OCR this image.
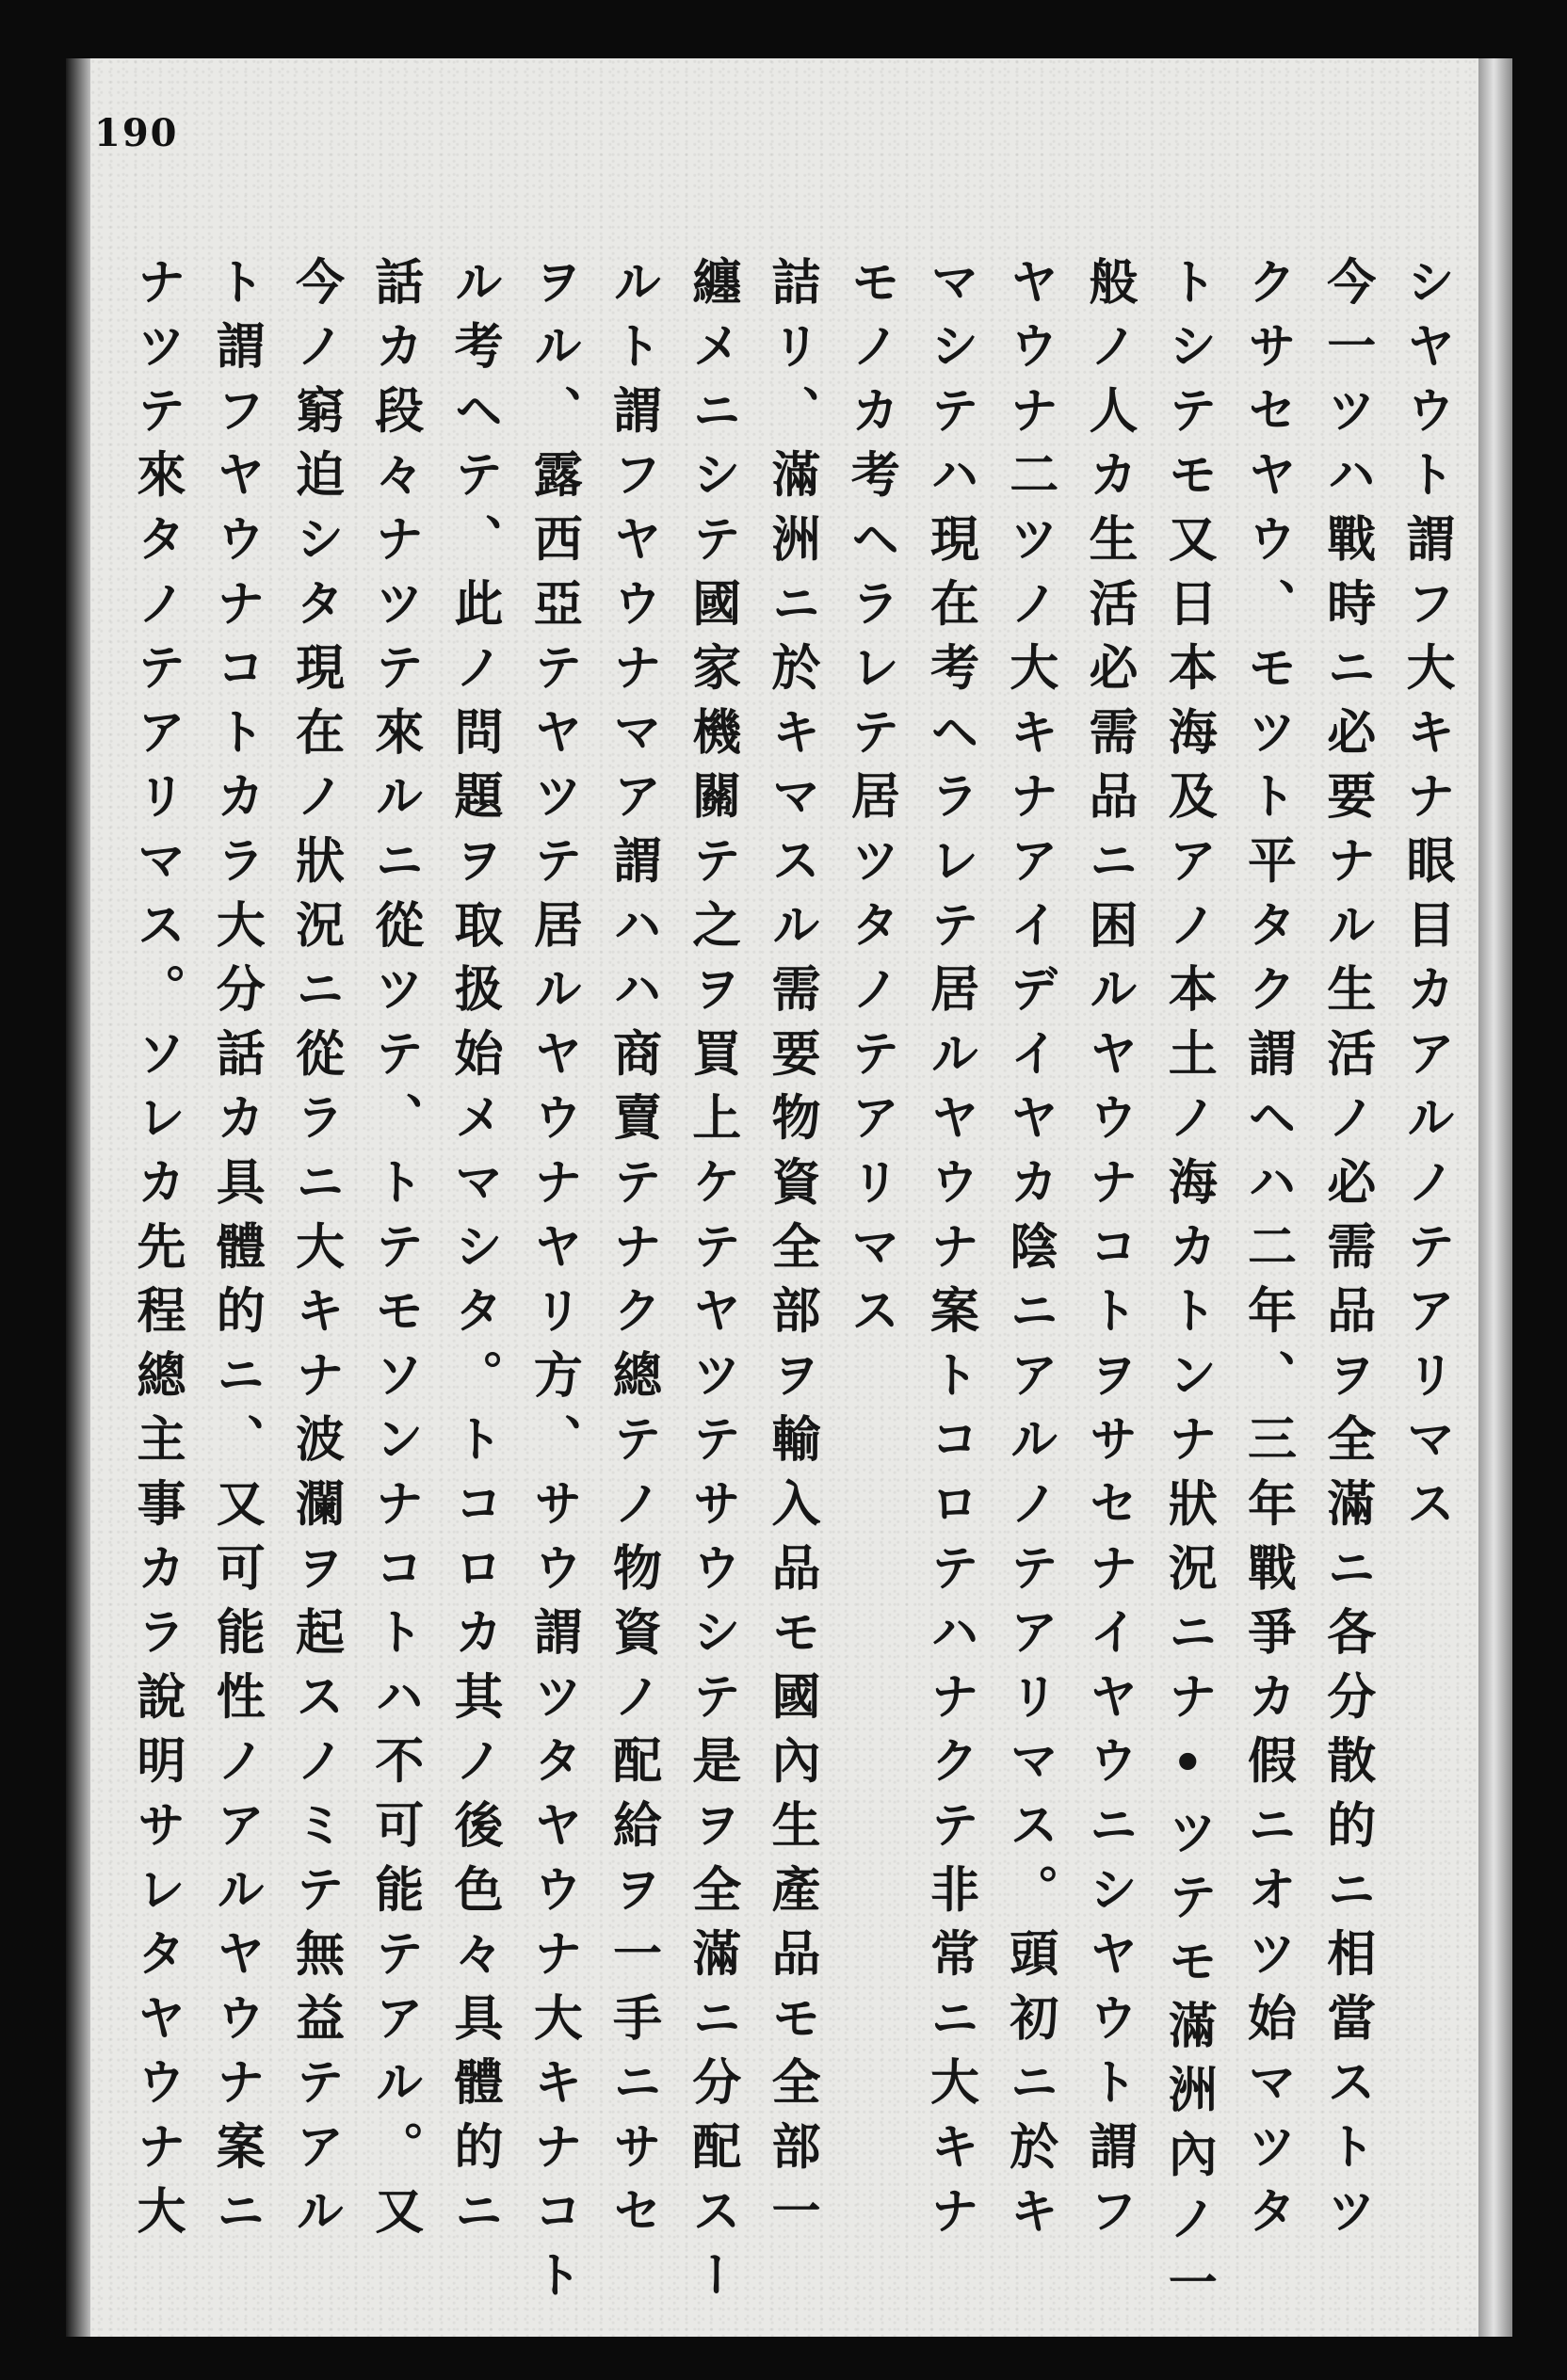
190
シヤウト謂フ大キナ眼目カアルノテアリマス
今一ツハ戰時ニ必要ナル生活ノ必需品ヲ全滿ニ各分散的ニ相當ストツ
クサセヤウ、モツト平タク謂ヘハ二年、三年戰爭カ假ニオツ始マツタ
トシテモ又日本海及アノ本土ノ海カトンナ狀況ニナ•ツテモ滿洲內ノ一
般ノ人カ生活必需品ニ困ルヤウナコトヲサセナイヤウニシヤウト謂フ
ヤウナ二ツノ大キナアイデイヤカ陰ニアルノテアリマス。頭初ニ於キ
マシテハ現在考ヘラレテ居ルヤウナ案トコロテハナクテ非常ニ大キナ
モノカ考ヘラレテ居ツタノテアリマス
詰リ、滿洲ニ於キマスル需要物資全部ヲ輸入品モ國內生產品モ全部一
纏メニシテ國家機關テ之ヲ買上ケテヤツテサウシテ是ヲ全滿ニ分配スー
ルト謂フヤウナマア謂ハハ商賣テナク總テノ物資ノ配給ヲ一手ニサセ
ヲル、露西亞テヤツテ居ルヤウナヤリ方、サウ謂ツタヤウナ大キナコト
ル考ヘテ、此ノ問題ヲ取扱始メマシタ。トコロカ其ノ後色々具體的ニ
話カ段々ナツテ來ルニ從ツテ、トテモソンナコトハ不可能テアル。又
今ノ窮迫シタ現在ノ狀況ニ從ラニ大キナ波瀾ヲ起スノミテ無益テアル
ト謂フヤウナコトカラ大分話カ具體的ニ、又可能性ノアルヤウナ案ニ
ナツテ來タノテアリマス。ソレカ先程總主事カラ說明サレタヤウナ大
